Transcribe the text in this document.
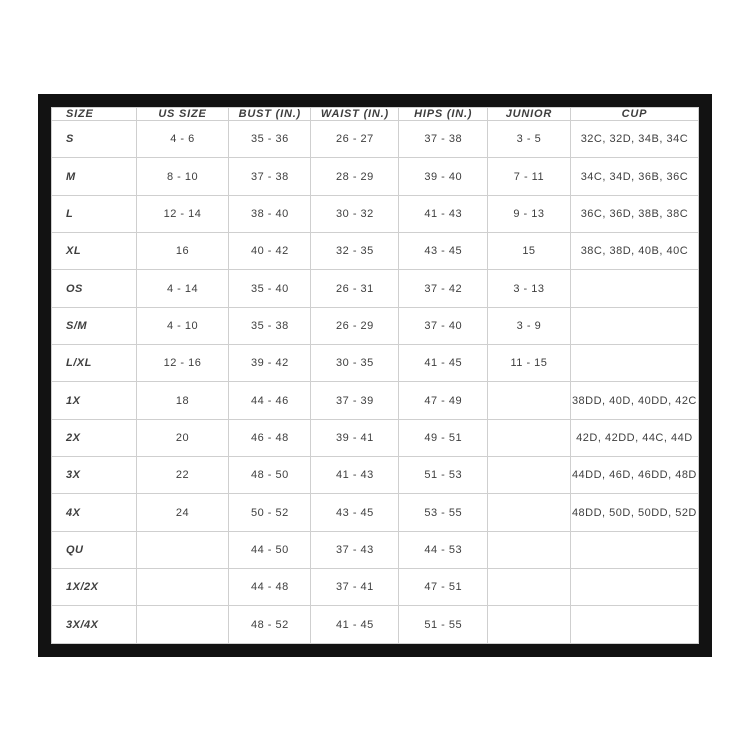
SIZE	US SIZE	BUST (IN.)	WAIST (IN.)	HIPS (IN.)	JUNIOR	CUP
S	4 - 6	35 - 36	26 - 27	37 - 38	3 - 5	32C, 32D, 34B, 34C
M	8 - 10	37 - 38	28 - 29	39 - 40	7 - 11	34C, 34D, 36B, 36C
L	12 - 14	38 - 40	30 - 32	41 - 43	9 - 13	36C, 36D, 38B, 38C
XL	16	40 - 42	32 - 35	43 - 45	15	38C, 38D, 40B, 40C
OS	4 - 14	35 - 40	26 - 31	37 - 42	3 - 13	
S/M	4 - 10	35 - 38	26 - 29	37 - 40	3 - 9	
L/XL	12 - 16	39 - 42	30 - 35	41 - 45	11 - 15	
1X	18	44 - 46	37 - 39	47 - 49		38DD, 40D, 40DD, 42C
2X	20	46 - 48	39 - 41	49 - 51		42D, 42DD, 44C, 44D
3X	22	48 - 50	41 - 43	51 - 53		44DD, 46D, 46DD, 48D
4X	24	50 - 52	43 - 45	53 - 55		48DD, 50D, 50DD, 52D
QU		44 - 50	37 - 43	44 - 53		
1X/2X		44 - 48	37 - 41	47 - 51		
3X/4X		48 - 52	41 - 45	51 - 55		
